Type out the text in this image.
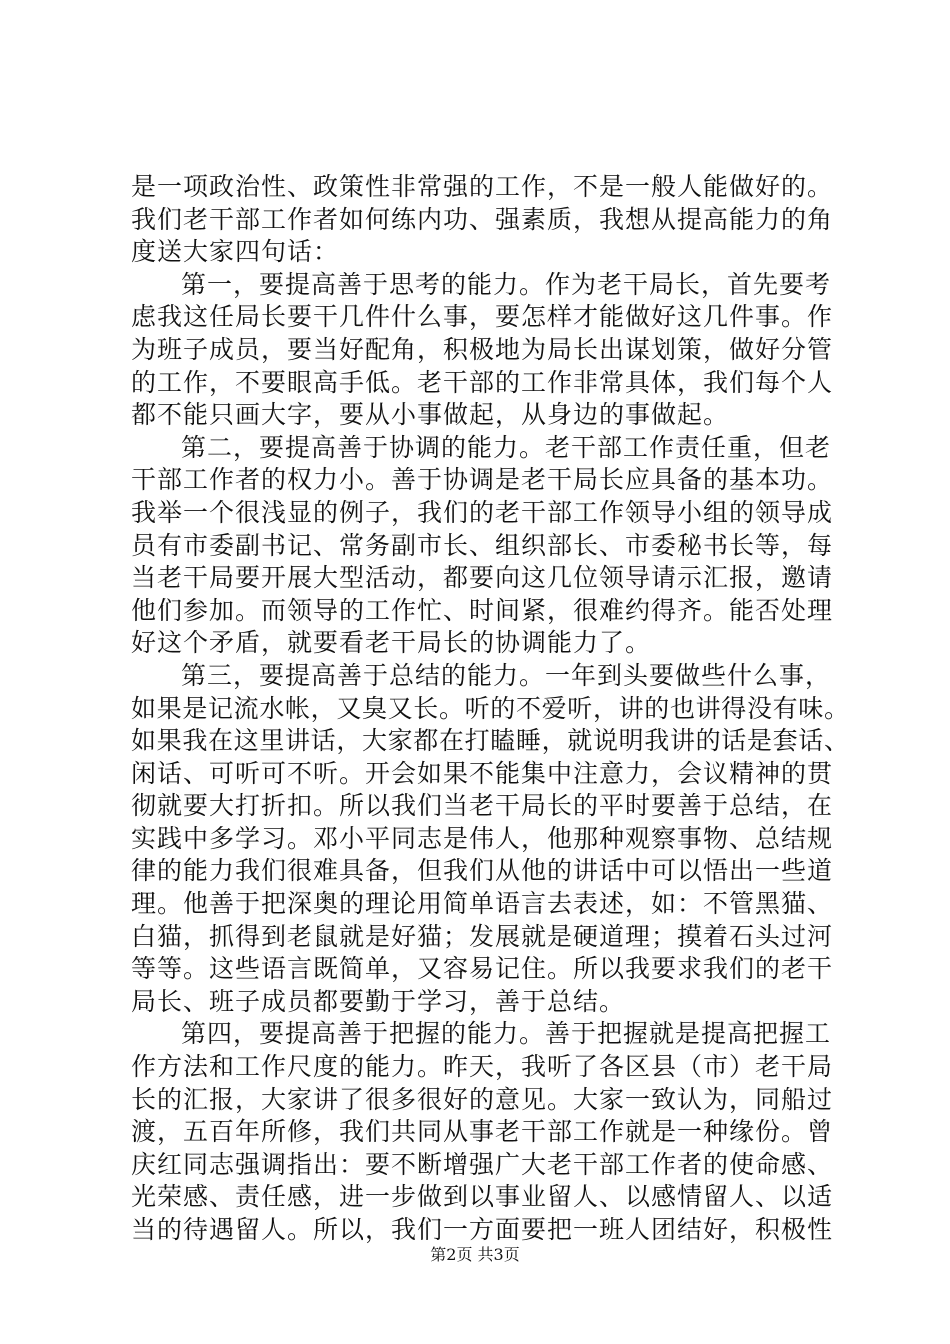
是一项政治性、政策性非常强的工作，不是一般人能做好的。
我们老干部工作者如何练内功、强素质，我想从提高能力的角
度送大家四句话：
第一，要提高善于思考的能力。作为老干局长，首先要考
虑我这任局长要干几件什么事，要怎样才能做好这几件事。作
为班子成员，要当好配角，积极地为局长出谋划策，做好分管
的工作，不要眼高手低。老干部的工作非常具体，我们每个人
都不能只画大字，要从小事做起，从身边的事做起。
第二，要提高善于协调的能力。老干部工作责任重，但老
干部工作者的权力小。善于协调是老干局长应具备的基本功。
我举一个很浅显的例子，我们的老干部工作领导小组的领导成
员有市委副书记、常务副市长、组织部长、市委秘书长等，每
当老干局要开展大型活动，都要向这几位领导请示汇报，邀请
他们参加。而领导的工作忙、时间紧，很难约得齐。能否处理
好这个矛盾，就要看老干局长的协调能力了。
第三，要提高善于总结的能力。一年到头要做些什么事，
如果是记流水帐，又臭又长。听的不爱听，讲的也讲得没有味。
如果我在这里讲话，大家都在打瞌睡，就说明我讲的话是套话、
闲话、可听可不听。开会如果不能集中注意力，会议精神的贯
彻就要大打折扣。所以我们当老干局长的平时要善于总结，在
实践中多学习。邓小平同志是伟人，他那种观察事物、总结规
律的能力我们很难具备，但我们从他的讲话中可以悟出一些道
理。他善于把深奥的理论用简单语言去表述，如：不管黑猫、
白猫，抓得到老鼠就是好猫；发展就是硬道理；摸着石头过河
等等。这些语言既简单，又容易记住。所以我要求我们的老干
局长、班子成员都要勤于学习，善于总结。
第四，要提高善于把握的能力。善于把握就是提高把握工
作方法和工作尺度的能力。昨天，我听了各区县（市）老干局
长的汇报，大家讲了很多很好的意见。大家一致认为，同船过
渡，五百年所修，我们共同从事老干部工作就是一种缘份。曾
庆红同志强调指出：要不断增强广大老干部工作者的使命感、
光荣感、责任感，进一步做到以事业留人、以感情留人、以适
当的待遇留人。所以，我们一方面要把一班人团结好，积极性
第2页 共3页
